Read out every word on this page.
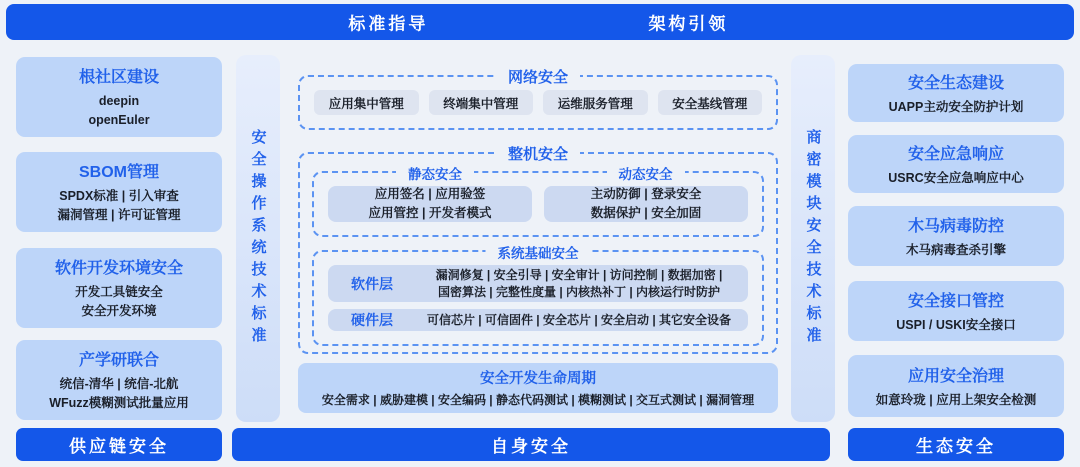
标准指导	架构引领
根社区建设
deepin
openEuler
SBOM管理
SPDX标准 | 引入审查
漏洞管理 | 许可证管理
软件开发环境安全
开发工具链安全
安全开发环境
产学研联合
统信-清华 | 统信-北航
WFuzz模糊测试批量应用
安全操作系统技术标准	商密模块安全技术标准
网络安全
应用集中管理	终端集中管理	运维服务管理	安全基线管理
整机安全
静态安全	动态安全
应用签名 | 应用验签
应用管控 | 开发者模式
主动防御 | 登录安全
数据保护 | 安全加固
系统基础安全
软件层
漏洞修复 | 安全引导 | 安全审计 | 访问控制 | 数据加密 |
国密算法 | 完整性度量 | 内核热补丁 | 内核运行时防护
硬件层	可信芯片 | 可信固件 | 安全芯片 | 安全启动 | 其它安全设备
安全开发生命周期
安全需求 | 威胁建模 | 安全编码 | 静态代码测试 | 模糊测试 | 交互式测试 | 漏洞管理
安全生态建设
UAPP主动安全防护计划
安全应急响应
USRC安全应急响应中心
木马病毒防控
木马病毒查杀引擎
安全接口管控
USPI / USKI安全接口
应用安全治理
如意玲珑 | 应用上架安全检测
供应链安全	自身安全	生态安全
